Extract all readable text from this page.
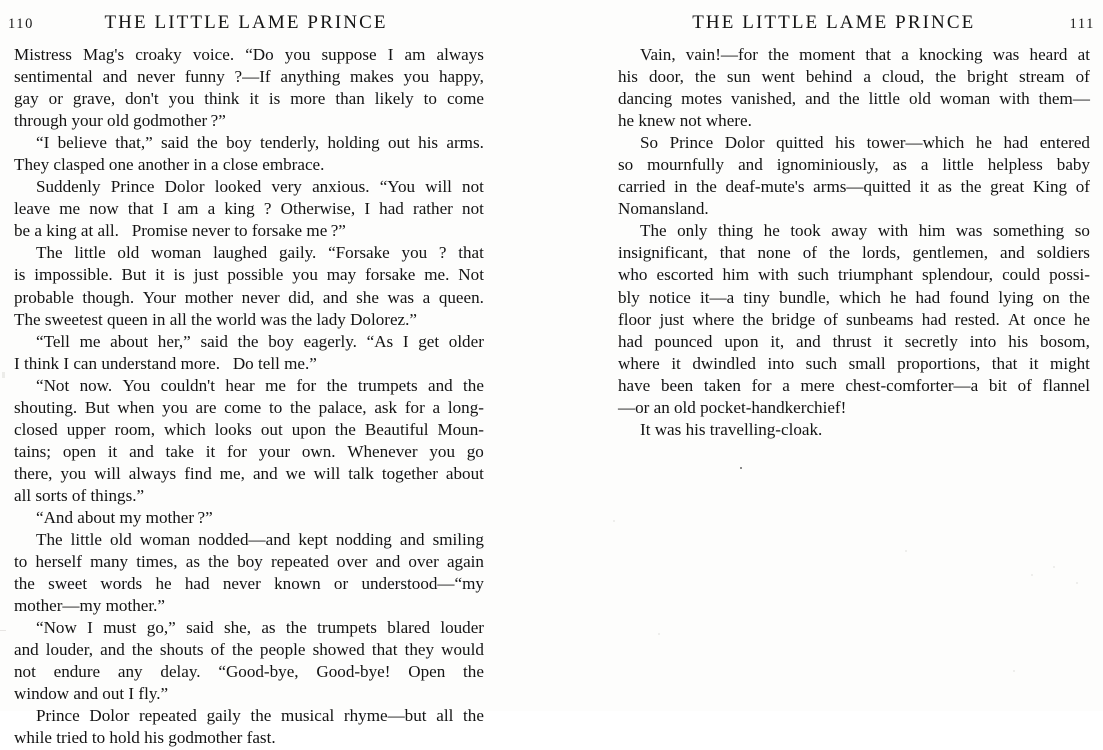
110	THE LITTLE LAME PRINCE	THE LITTLE LAME PRINCE	111

Mistress Mag's croaky voice. “Do you suppose I am always
sentimental and never funny ?—If anything makes you happy,
gay or grave, don't you think it is more than likely to come
through your old godmother ?”

“I believe that,” said the boy tenderly, holding out his arms.
They clasped one another in a close embrace.

Suddenly Prince Dolor looked very anxious. “You will not
leave me now that I am a king ? Otherwise, I had rather not
be a king at all.   Promise never to forsake me ?”

The little old woman laughed gaily. “Forsake you ? that
is impossible. But it is just possible you may forsake me. Not
probable though. Your mother never did, and she was a queen.
The sweetest queen in all the world was the lady Dolorez.”

“Tell me about her,” said the boy eagerly. “As I get older
I think I can understand more.   Do tell me.”

“Not now. You couldn't hear me for the trumpets and the
shouting. But when you are come to the palace, ask for a long-
closed upper room, which looks out upon the Beautiful Moun-
tains; open it and take it for your own. Whenever you go
there, you will always find me, and we will talk together about
all sorts of things.”

“And about my mother ?”

The little old woman nodded—and kept nodding and smiling
to herself many times, as the boy repeated over and over again
the sweet words he had never known or understood—“my
mother—my mother.”

“Now I must go,” said she, as the trumpets blared louder
and louder, and the shouts of the people showed that they would
not endure any delay. “Good-bye, Good-bye! Open the
window and out I fly.”

Prince Dolor repeated gaily the musical rhyme—but all the
while tried to hold his godmother fast.

Vain, vain!—for the moment that a knocking was heard at
his door, the sun went behind a cloud, the bright stream of
dancing motes vanished, and the little old woman with them—
he knew not where.

So Prince Dolor quitted his tower—which he had entered
so mournfully and ignominiously, as a little helpless baby
carried in the deaf-mute's arms—quitted it as the great King of
Nomansland.

The only thing he took away with him was something so
insignificant, that none of the lords, gentlemen, and soldiers
who escorted him with such triumphant splendour, could possi-
bly notice it—a tiny bundle, which he had found lying on the
floor just where the bridge of sunbeams had rested. At once he
had pounced upon it, and thrust it secretly into his bosom,
where it dwindled into such small proportions, that it might
have been taken for a mere chest-comforter—a bit of flannel
—or an old pocket-handkerchief!

It was his travelling-cloak.
